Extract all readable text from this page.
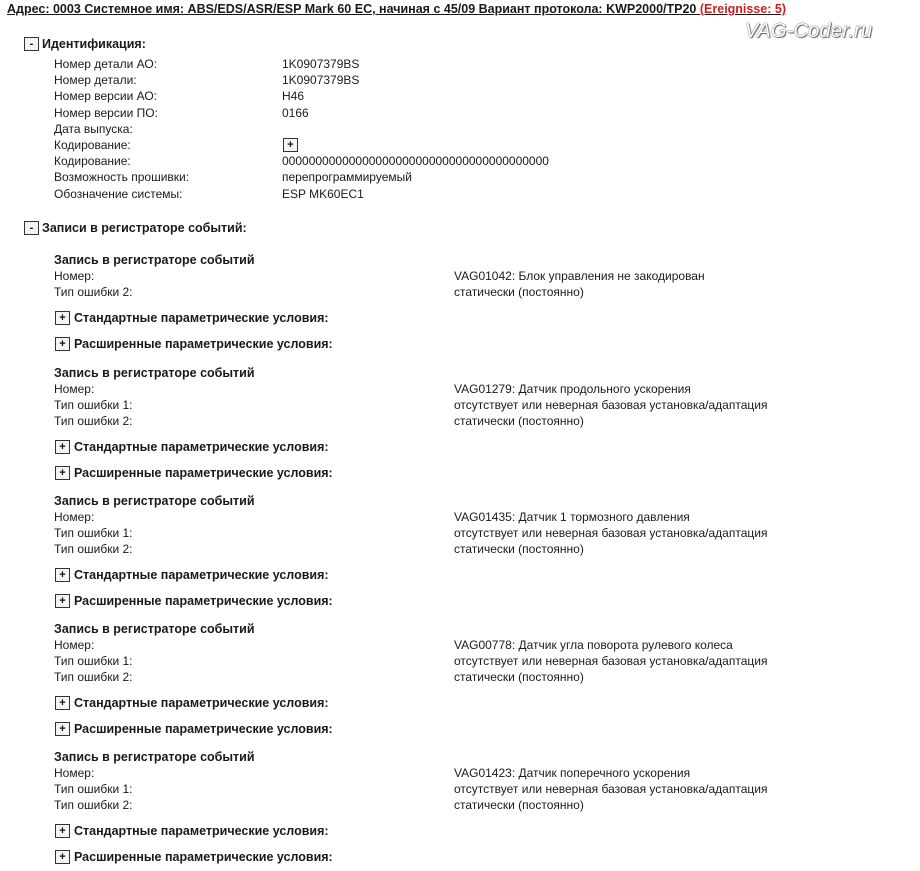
Адрес: 0003 Системное имя: ABS/EDS/ASR/ESP Mark 60 EC, начиная с 45/09 Вариант протокола: KWP2000/TP20 (Ereignisse: 5)
VAG-Coder.ru
- Идентификация:
Номер детали АО:	1K0907379BS
Номер детали:	1K0907379BS
Номер версии АО:	H46
Номер версии ПО:	0166
Дата выпуска:
Кодирование:
Кодирование:	0000000000000000000000000000000000000000
Возможность прошивки:	перепрограммируемый
Обозначение системы:	ESP MK60EC1
+
- Записи в регистраторе событий:
Запись в регистраторе событий
Номер:	VAG01042: Блок управления не закодирован
Тип ошибки 2:	статически (постоянно)
+ Стандартные параметрические условия:
+ Расширенные параметрические условия:
Запись в регистраторе событий
Номер:	VAG01279: Датчик продольного ускорения
Тип ошибки 1:	отсутствует или неверная базовая установка/адаптация
Тип ошибки 2:	статически (постоянно)
+ Стандартные параметрические условия:
+ Расширенные параметрические условия:
Запись в регистраторе событий
Номер:	VAG01435: Датчик 1 тормозного давления
Тип ошибки 1:	отсутствует или неверная базовая установка/адаптация
Тип ошибки 2:	статически (постоянно)
+ Стандартные параметрические условия:
+ Расширенные параметрические условия:
Запись в регистраторе событий
Номер:	VAG00778: Датчик угла поворота рулевого колеса
Тип ошибки 1:	отсутствует или неверная базовая установка/адаптация
Тип ошибки 2:	статически (постоянно)
+ Стандартные параметрические условия:
+ Расширенные параметрические условия:
Запись в регистраторе событий
Номер:	VAG01423: Датчик поперечного ускорения
Тип ошибки 1:	отсутствует или неверная базовая установка/адаптация
Тип ошибки 2:	статически (постоянно)
+ Стандартные параметрические условия:
+ Расширенные параметрические условия:
